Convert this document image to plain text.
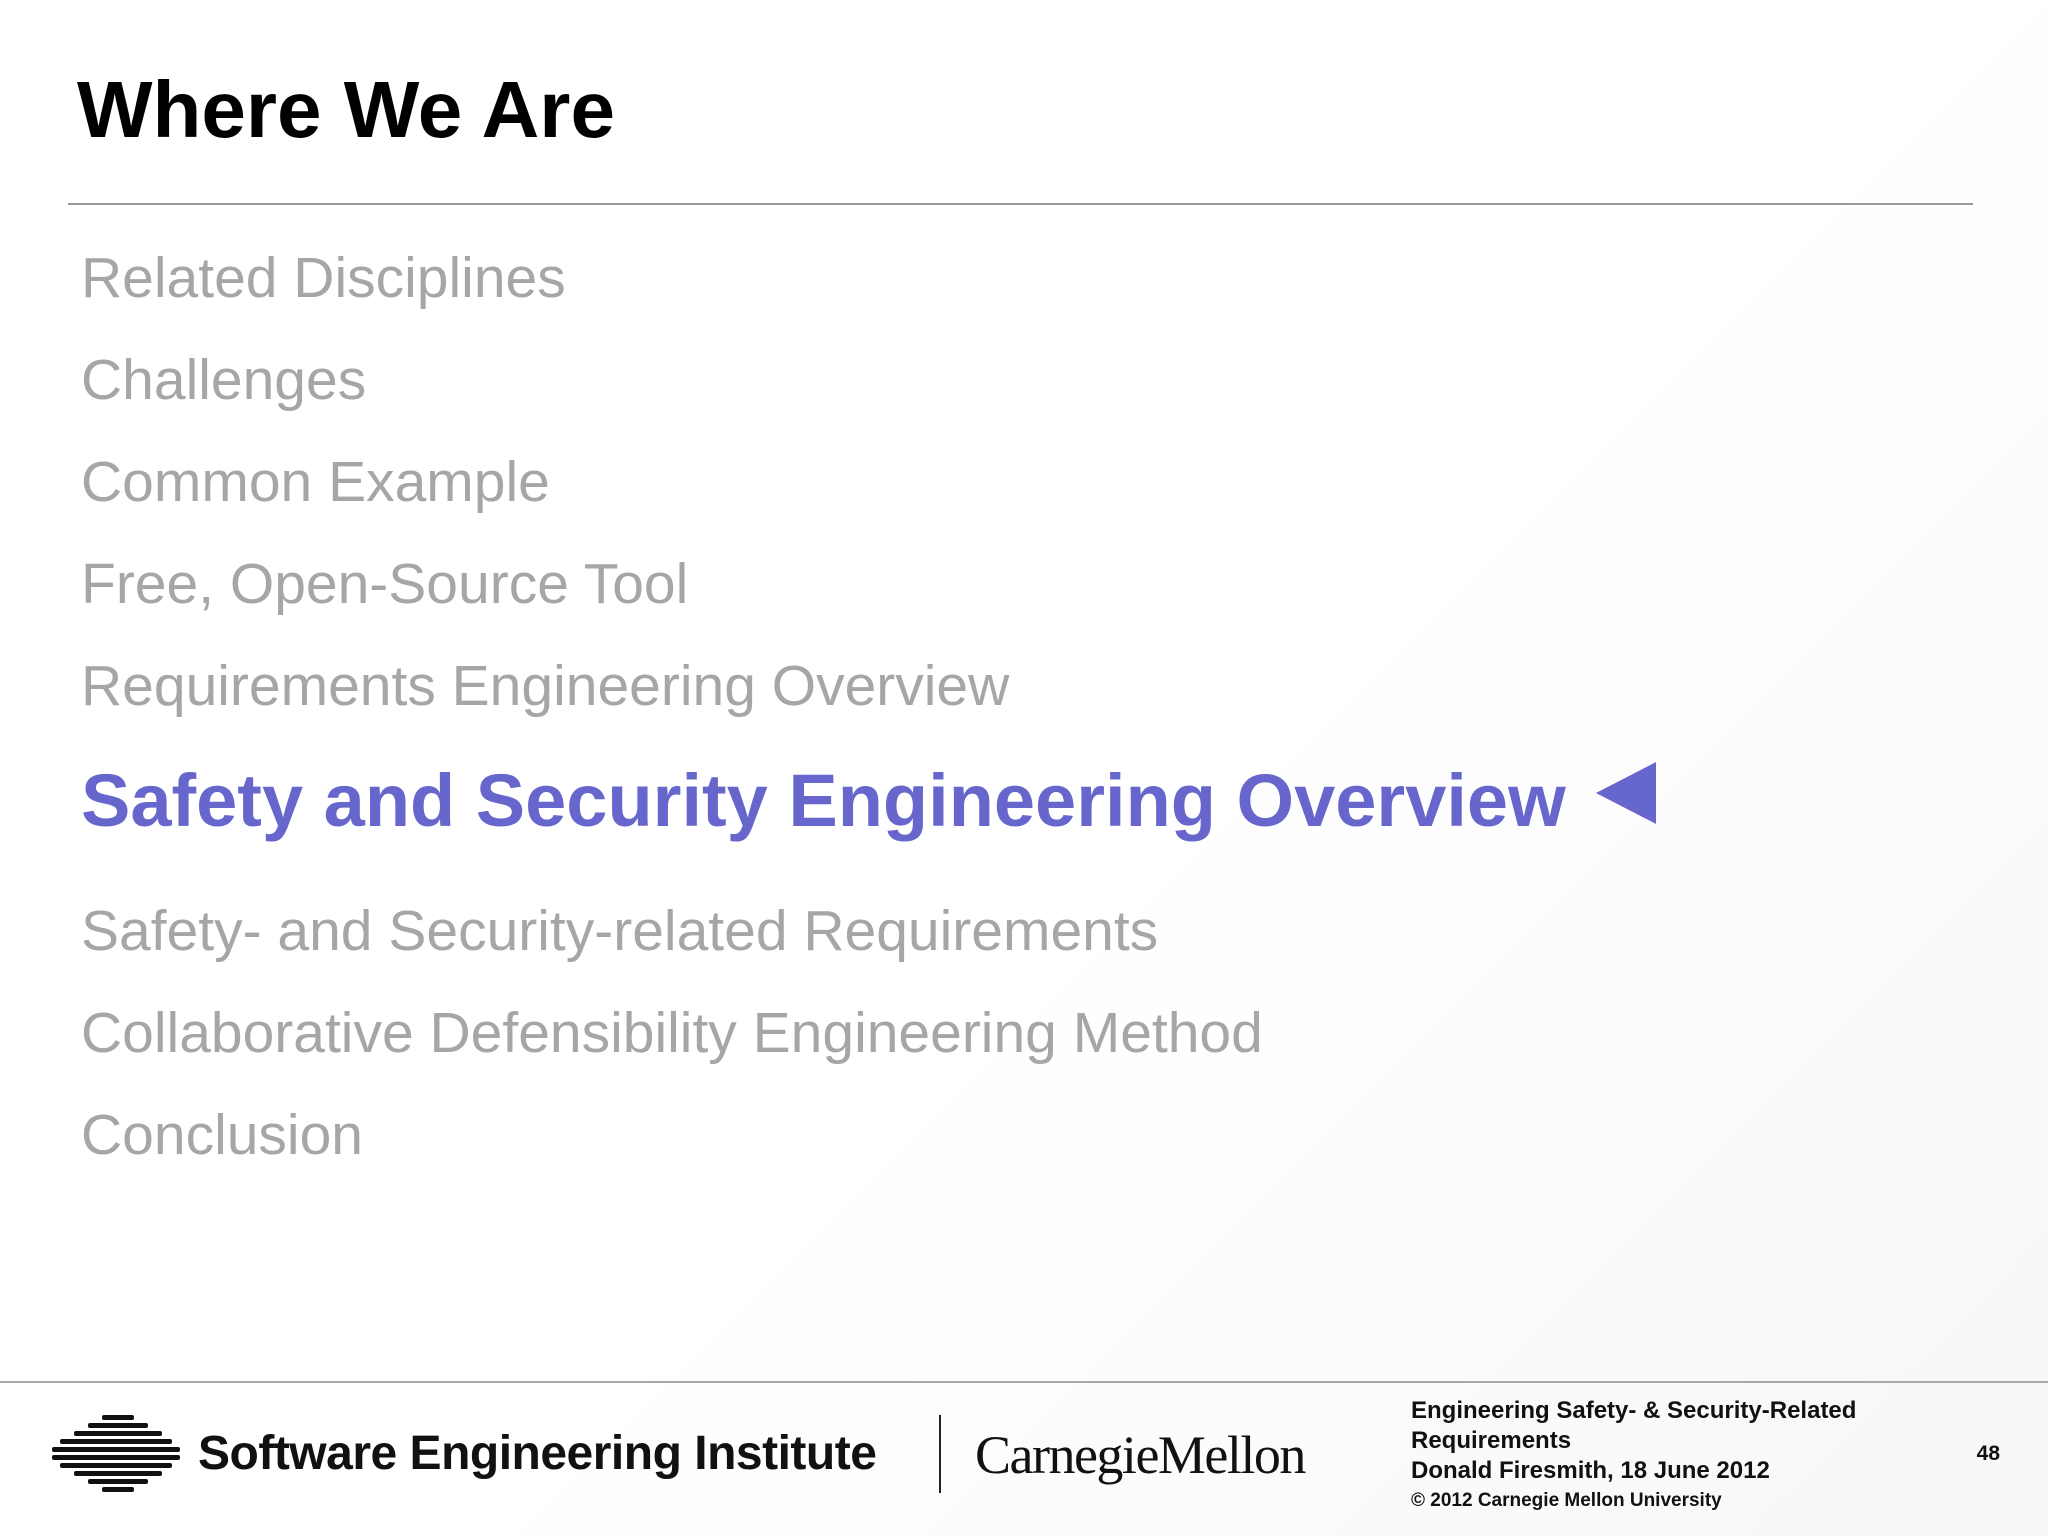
Where We Are
Related Disciplines
Challenges
Common Example
Free, Open-Source Tool
Requirements Engineering Overview
Safety and Security Engineering Overview
Safety- and Security-related Requirements
Collaborative Defensibility Engineering Method
Conclusion
Software Engineering Institute CarnegieMellon
Engineering Safety- & Security-Related
Requirements
Donald Firesmith, 18 June 2012
© 2012 Carnegie Mellon University
48
